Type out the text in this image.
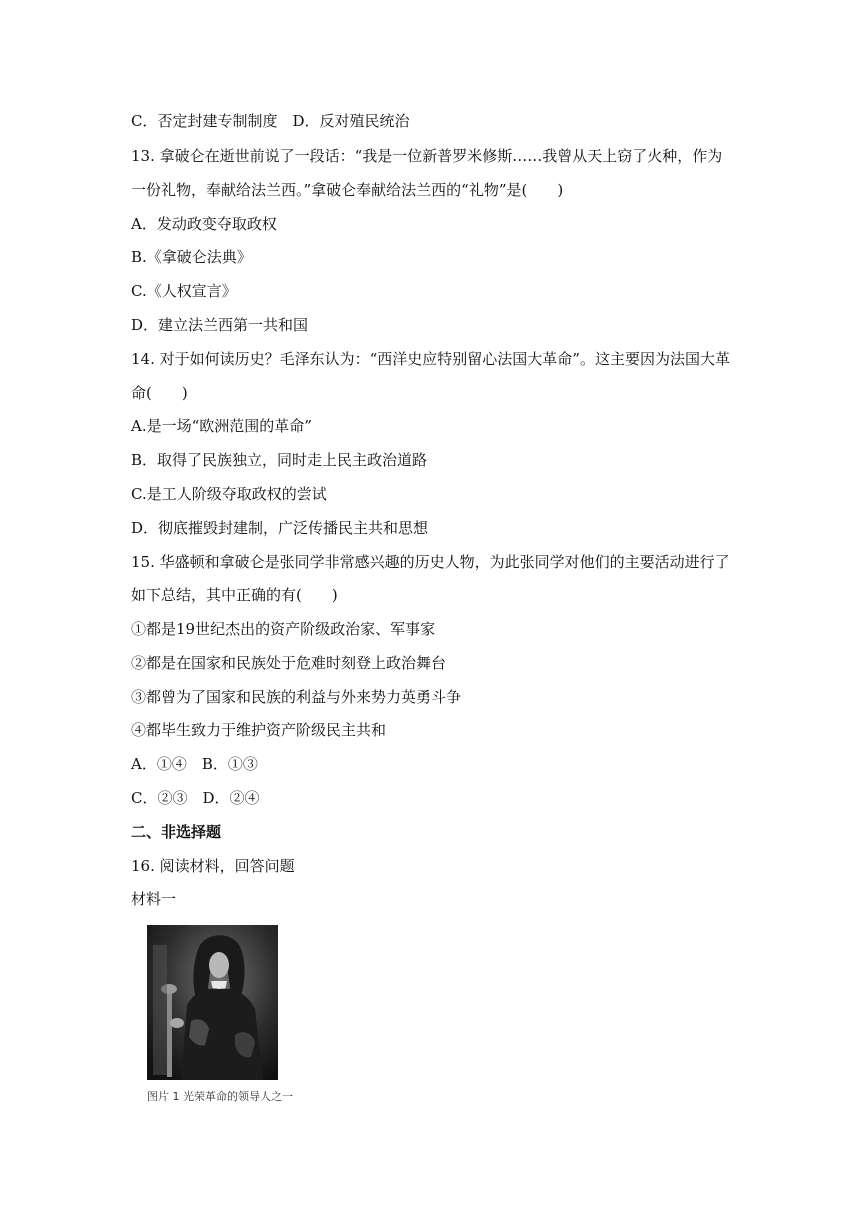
C．否定封建专制制度　D．反对殖民统治
13. 拿破仑在逝世前说了一段话：“我是一位新普罗米修斯……我曾从天上窃了火种，作为
一份礼物，奉献给法兰西。”拿破仑奉献给法兰西的“礼物”是(　　)
A．发动政变夺取政权
B.《拿破仑法典》
C.《人权宣言》
D．建立法兰西第一共和国
14. 对于如何读历史？毛泽东认为：“西洋史应特别留心法国大革命”。这主要因为法国大革
命(　　)
A.是一场“欧洲范围的革命”
B．取得了民族独立，同时走上民主政治道路
C.是工人阶级夺取政权的尝试
D．彻底摧毁封建制，广泛传播民主共和思想
15. 华盛顿和拿破仑是张同学非常感兴趣的历史人物，为此张同学对他们的主要活动进行了
如下总结，其中正确的有(　　)
①都是19世纪杰出的资产阶级政治家、军事家
②都是在国家和民族处于危难时刻登上政治舞台
③都曾为了国家和民族的利益与外来势力英勇斗争
④都毕生致力于维护资产阶级民主共和
A．①④　B．①③
C．②③　D．②④
二、非选择题
16. 阅读材料，回答问题
材料一
图片 1 光荣革命的领导人之一
